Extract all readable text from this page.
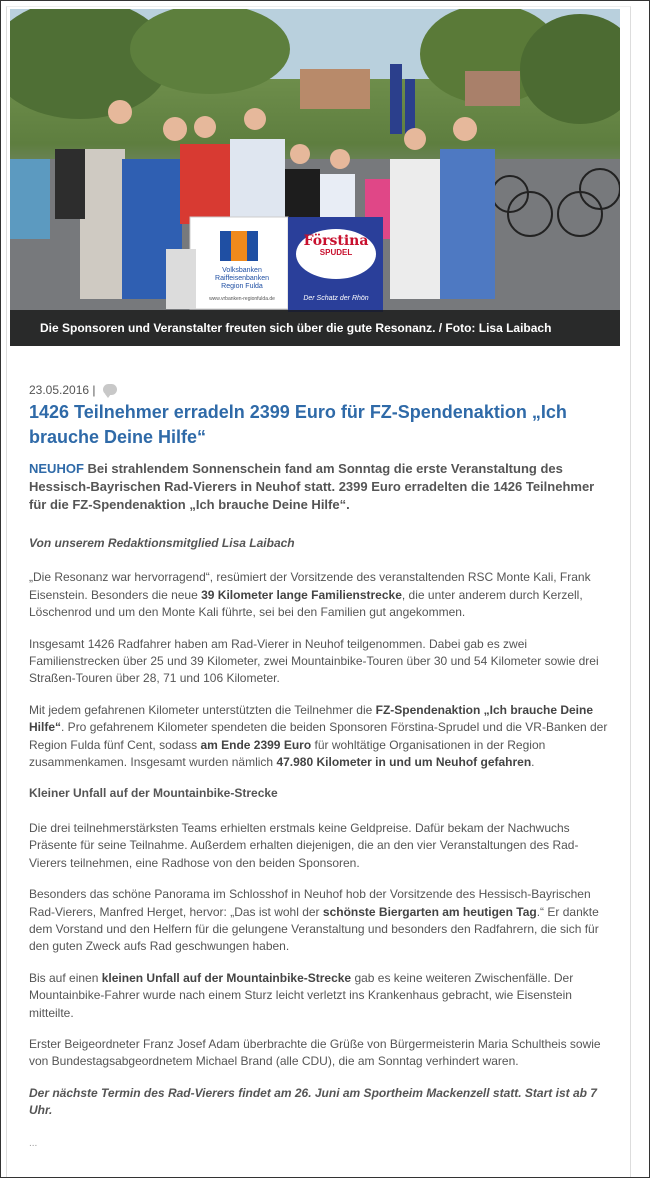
Volksbanken
Raiffeisenbanken
Region Fulda
www.vrbanken-regionfulda.de
Förstina
SPUDEL
Der Schatz der Rhön
Die Sponsoren und Veranstalter freuten sich über die gute Resonanz. / Foto: Lisa Laibach
23.05.2016 |
1426 Teilnehmer erradeln 2399 Euro für FZ-Spendenaktion „Ich brauche Deine Hilfe“

NEUHOF Bei strahlendem Sonnenschein fand am Sonntag die erste Veranstaltung des Hessisch-Bayrischen Rad-Vierers in Neuhof statt. 2399 Euro erradelten die 1426 Teilnehmer für die FZ-Spendenaktion „Ich brauche Deine Hilfe“.

Von unserem Redaktionsmitglied Lisa Laibach

„Die Resonanz war hervorragend“, resümiert der Vorsitzende des veranstaltenden RSC Monte Kali, Frank Eisenstein. Besonders die neue 39 Kilometer lange Familienstrecke, die unter anderem durch Kerzell, Löschenrod und um den Monte Kali führte, sei bei den Familien gut angekommen.

Insgesamt 1426 Radfahrer haben am Rad-Vierer in Neuhof teilgenommen. Dabei gab es zwei Familienstrecken über 25 und 39 Kilometer, zwei Mountainbike-Touren über 30 und 54 Kilometer sowie drei Straßen-Touren über 28, 71 und 106 Kilometer.

Mit jedem gefahrenen Kilometer unterstützten die Teilnehmer die FZ-Spendenaktion „Ich brauche Deine Hilfe“. Pro gefahrenem Kilometer spendeten die beiden Sponsoren Förstina-Sprudel und die VR-Banken der Region Fulda fünf Cent, sodass am Ende 2399 Euro für wohltätige Organisationen in der Region zusammenkamen. Insgesamt wurden nämlich 47.980 Kilometer in und um Neuhof gefahren.

Kleiner Unfall auf der Mountainbike-Strecke

Die drei teilnehmerstärksten Teams erhielten erstmals keine Geldpreise. Dafür bekam der Nachwuchs Präsente für seine Teilnahme. Außerdem erhalten diejenigen, die an den vier Veranstaltungen des Rad-Vierers teilnehmen, eine Radhose von den beiden Sponsoren.

Besonders das schöne Panorama im Schlosshof in Neuhof hob der Vorsitzende des Hessisch-Bayrischen Rad-Vierers, Manfred Herget, hervor: „Das ist wohl der schönste Biergarten am heutigen Tag.“ Er dankte dem Vorstand und den Helfern für die gelungene Veranstaltung und besonders den Radfahrern, die sich für den guten Zweck aufs Rad geschwungen haben.

Bis auf einen kleinen Unfall auf der Mountainbike-Strecke gab es keine weiteren Zwischenfälle. Der Mountainbike-Fahrer wurde nach einem Sturz leicht verletzt ins Krankenhaus gebracht, wie Eisenstein mitteilte.

Erster Beigeordneter Franz Josef Adam überbrachte die Grüße von Bürgermeisterin Maria Schultheis sowie von Bundestagsabgeordnetem Michael Brand (alle CDU), die am Sonntag verhindert waren.

Der nächste Termin des Rad-Vierers findet am 26. Juni am Sportheim Mackenzell statt. Start ist ab 7 Uhr.

...
